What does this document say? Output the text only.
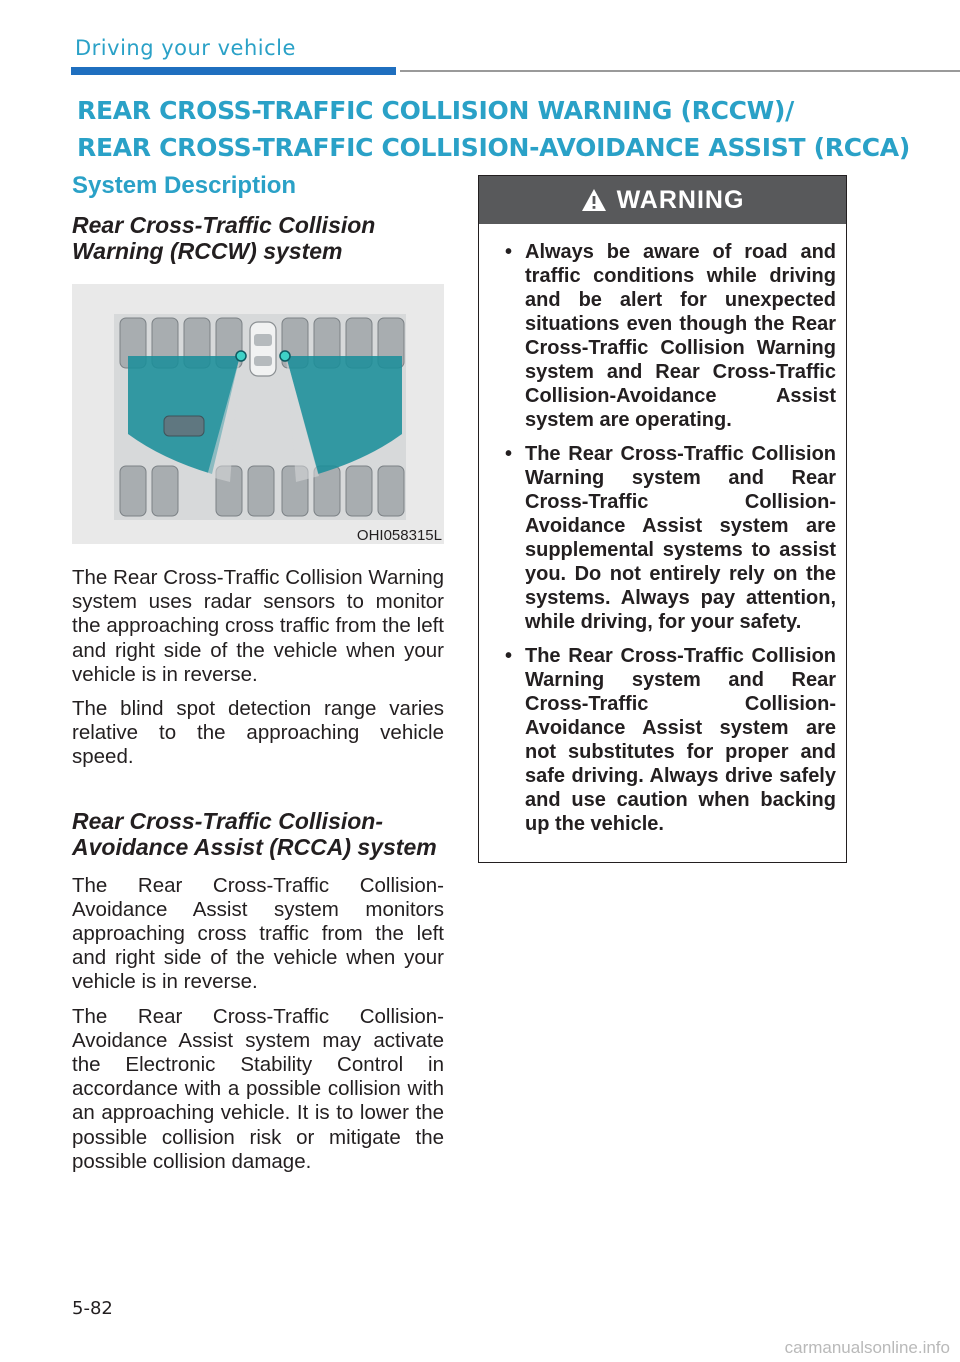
Driving your vehicle
REAR CROSS-TRAFFIC COLLISION WARNING (RCCW)/
REAR CROSS-TRAFFIC COLLISION-AVOIDANCE ASSIST (RCCA)
System Description
Rear Cross-Traffic Collision Warning (RCCW) system
OHI058315L

The Rear Cross-Traffic Collision Warning system uses radar sensors to monitor the approaching cross traffic from the left and right side of the vehicle when your vehicle is in reverse.

The blind spot detection range varies relative to the approaching vehicle speed.

Rear Cross-Traffic Collision-Avoidance Assist (RCCA) system

The Rear Cross-Traffic Collision-Avoidance Assist system monitors approaching cross traffic from the left and right side of the vehicle when your vehicle is in reverse.

The Rear Cross-Traffic Collision-Avoidance Assist system may activate the Electronic Stability Control in accordance with a possible collision with an approaching vehicle. It is to lower the possible collision risk or mitigate the possible collision damage.

WARNING
• Always be aware of road and traffic conditions while driving and be alert for unexpected situations even though the Rear Cross-Traffic Collision Warning system and Rear Cross-Traffic Collision-Avoidance Assist system are operating.
• The Rear Cross-Traffic Collision Warning system and Rear Cross-Traffic Collision-Avoidance Assist system are supplemental systems to assist you. Do not entirely rely on the systems. Always pay attention, while driving, for your safety.
• The Rear Cross-Traffic Collision Warning system and Rear Cross-Traffic Collision-Avoidance Assist system are not substitutes for proper and safe driving. Always drive safely and use caution when backing up the vehicle.
5-82
carmanualsonline.info
